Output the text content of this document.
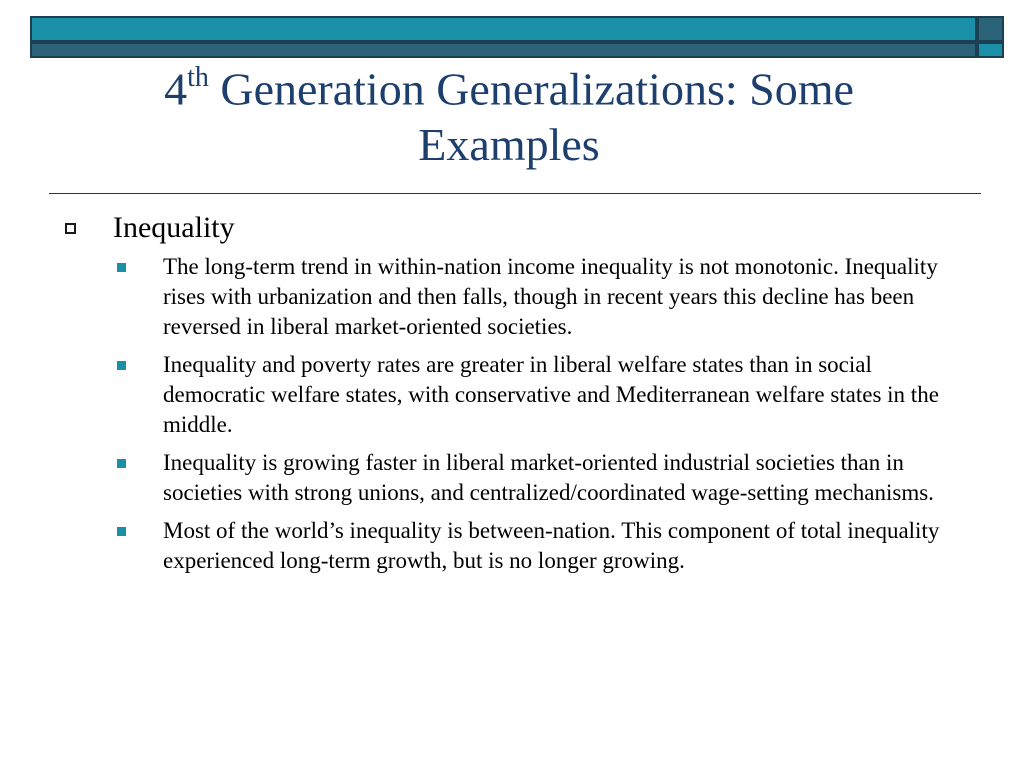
4th Generation Generalizations: Some
Examples
Inequality
The long-term trend in within-nation income inequality is not monotonic. Inequality rises with urbanization and then falls, though in recent years this decline has been reversed in liberal market-oriented societies.
Inequality and poverty rates are greater in liberal welfare states than in social democratic welfare states, with conservative and Mediterranean welfare states in the middle.
Inequality is growing faster in liberal market-oriented industrial societies than in societies with strong unions, and centralized/coordinated wage-setting mechanisms.
Most of the world’s inequality is between-nation. This component of total inequality experienced long-term growth, but is no longer growing.
